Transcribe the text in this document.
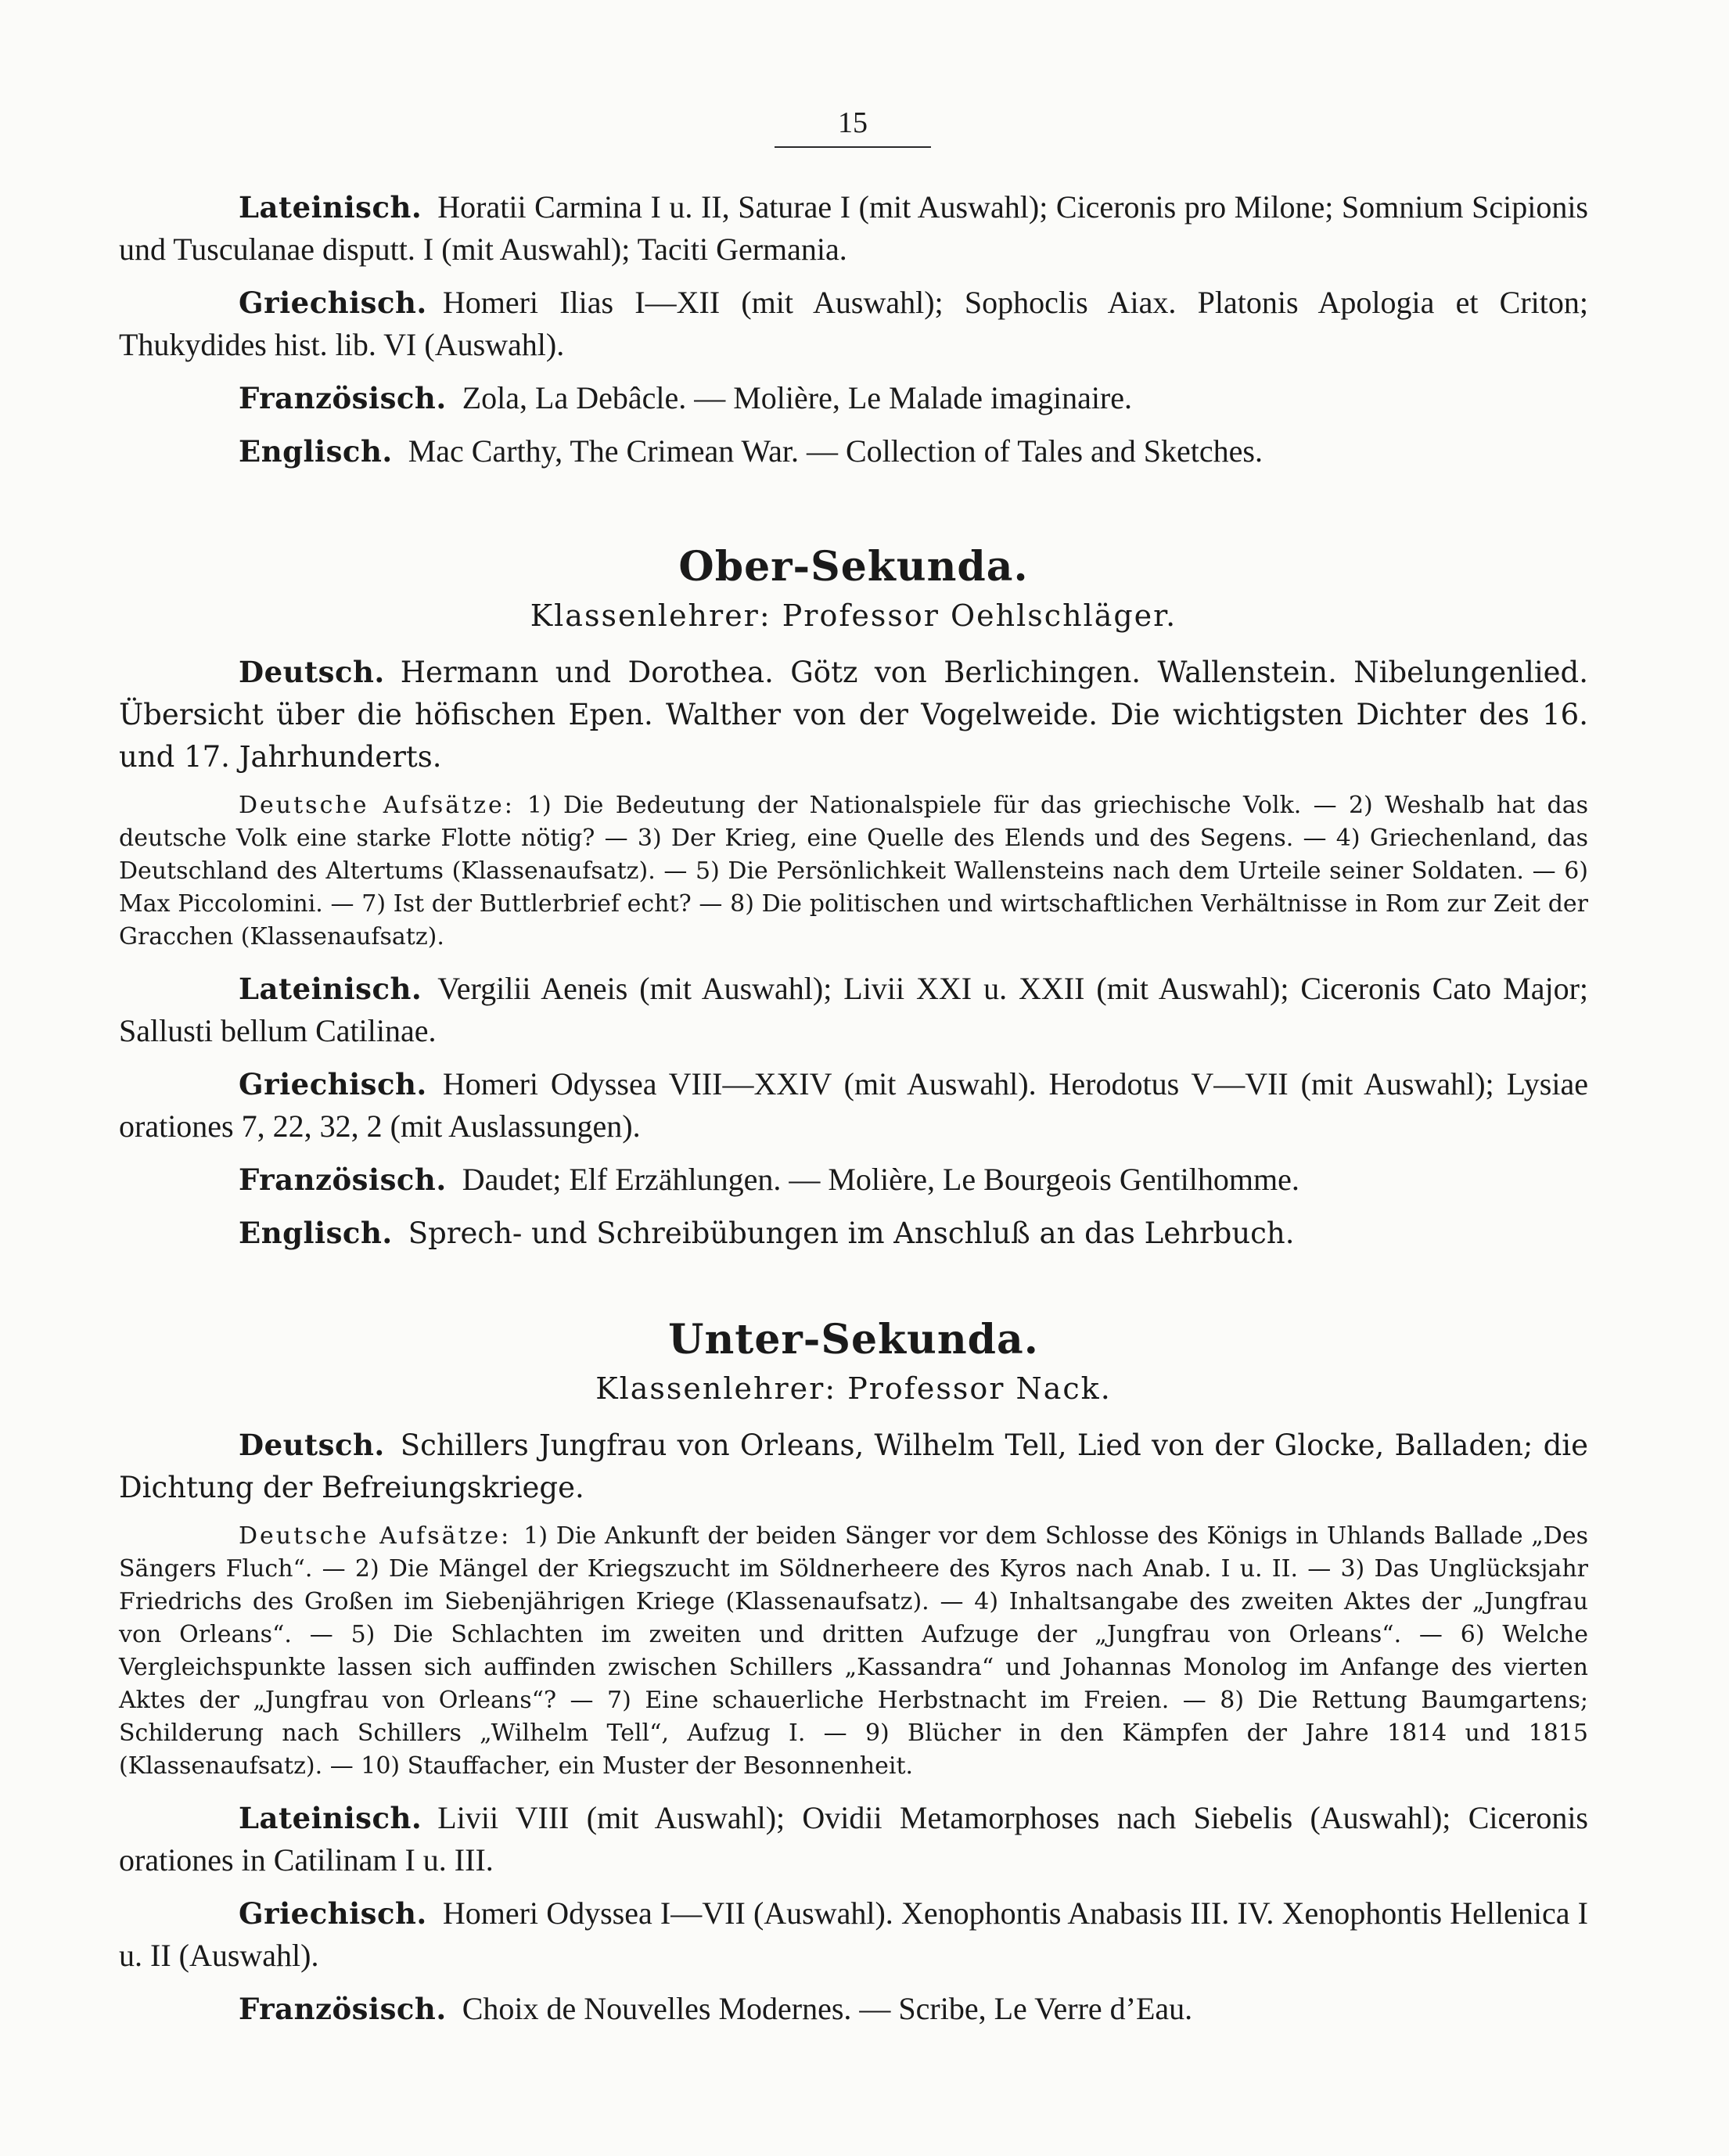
15

Lateinisch. Horatii Carmina I u. II, Saturae I (mit Auswahl); Ciceronis pro Milone; Somnium Scipionis und Tusculanae disputt. I (mit Auswahl); Taciti Germania.

Griechisch. Homeri Ilias I—XII (mit Auswahl); Sophoclis Aiax. Platonis Apologia et Criton; Thukydides hist. lib. VI (Auswahl).

Französisch. Zola, La Debâcle. — Molière, Le Malade imaginaire.

Englisch. Mac Carthy, The Crimean War. — Collection of Tales and Sketches.

Ober-Sekunda.
Klassenlehrer: Professor Oehlschläger.

Deutsch. Hermann und Dorothea. Götz von Berlichingen. Wallenstein. Nibelungenlied. Übersicht über die höfischen Epen. Walther von der Vogelweide. Die wichtigsten Dichter des 16. und 17. Jahrhunderts.

Deutsche Aufsätze: 1) Die Bedeutung der Nationalspiele für das griechische Volk. — 2) Weshalb hat das deutsche Volk eine starke Flotte nötig? — 3) Der Krieg, eine Quelle des Elends und des Segens. — 4) Griechenland, das Deutschland des Altertums (Klassenaufsatz). — 5) Die Persönlichkeit Wallensteins nach dem Urteile seiner Soldaten. — 6) Max Piccolomini. — 7) Ist der Buttlerbrief echt? — 8) Die politischen und wirtschaftlichen Verhältnisse in Rom zur Zeit der Gracchen (Klassenaufsatz).

Lateinisch. Vergilii Aeneis (mit Auswahl); Livii XXI u. XXII (mit Auswahl); Ciceronis Cato Major; Sallusti bellum Catilinae.

Griechisch. Homeri Odyssea VIII—XXIV (mit Auswahl). Herodotus V—VII (mit Auswahl); Lysiae orationes 7, 22, 32, 2 (mit Auslassungen).

Französisch. Daudet; Elf Erzählungen. — Molière, Le Bourgeois Gentilhomme.

Englisch. Sprech- und Schreibübungen im Anschluß an das Lehrbuch.

Unter-Sekunda.
Klassenlehrer: Professor Nack.

Deutsch. Schillers Jungfrau von Orleans, Wilhelm Tell, Lied von der Glocke, Balladen; die Dichtung der Befreiungskriege.

Deutsche Aufsätze: 1) Die Ankunft der beiden Sänger vor dem Schlosse des Königs in Uhlands Ballade „Des Sängers Fluch“. — 2) Die Mängel der Kriegszucht im Söldnerheere des Kyros nach Anab. I u. II. — 3) Das Unglücksjahr Friedrichs des Großen im Siebenjährigen Kriege (Klassenaufsatz). — 4) Inhaltsangabe des zweiten Aktes der „Jungfrau von Orleans“. — 5) Die Schlachten im zweiten und dritten Aufzuge der „Jungfrau von Orleans“. — 6) Welche Vergleichspunkte lassen sich auffinden zwischen Schillers „Kassandra“ und Johannas Monolog im Anfange des vierten Aktes der „Jungfrau von Orleans“? — 7) Eine schauerliche Herbstnacht im Freien. — 8) Die Rettung Baumgartens; Schilderung nach Schillers „Wilhelm Tell“, Aufzug I. — 9) Blücher in den Kämpfen der Jahre 1814 und 1815 (Klassenaufsatz). — 10) Stauffacher, ein Muster der Besonnenheit.

Lateinisch. Livii VIII (mit Auswahl); Ovidii Metamorphoses nach Siebelis (Auswahl); Ciceronis orationes in Catilinam I u. III.

Griechisch. Homeri Odyssea I—VII (Auswahl). Xenophontis Anabasis III. IV. Xenophontis Hellenica I u. II (Auswahl).

Französisch. Choix de Nouvelles Modernes. — Scribe, Le Verre d’Eau.
